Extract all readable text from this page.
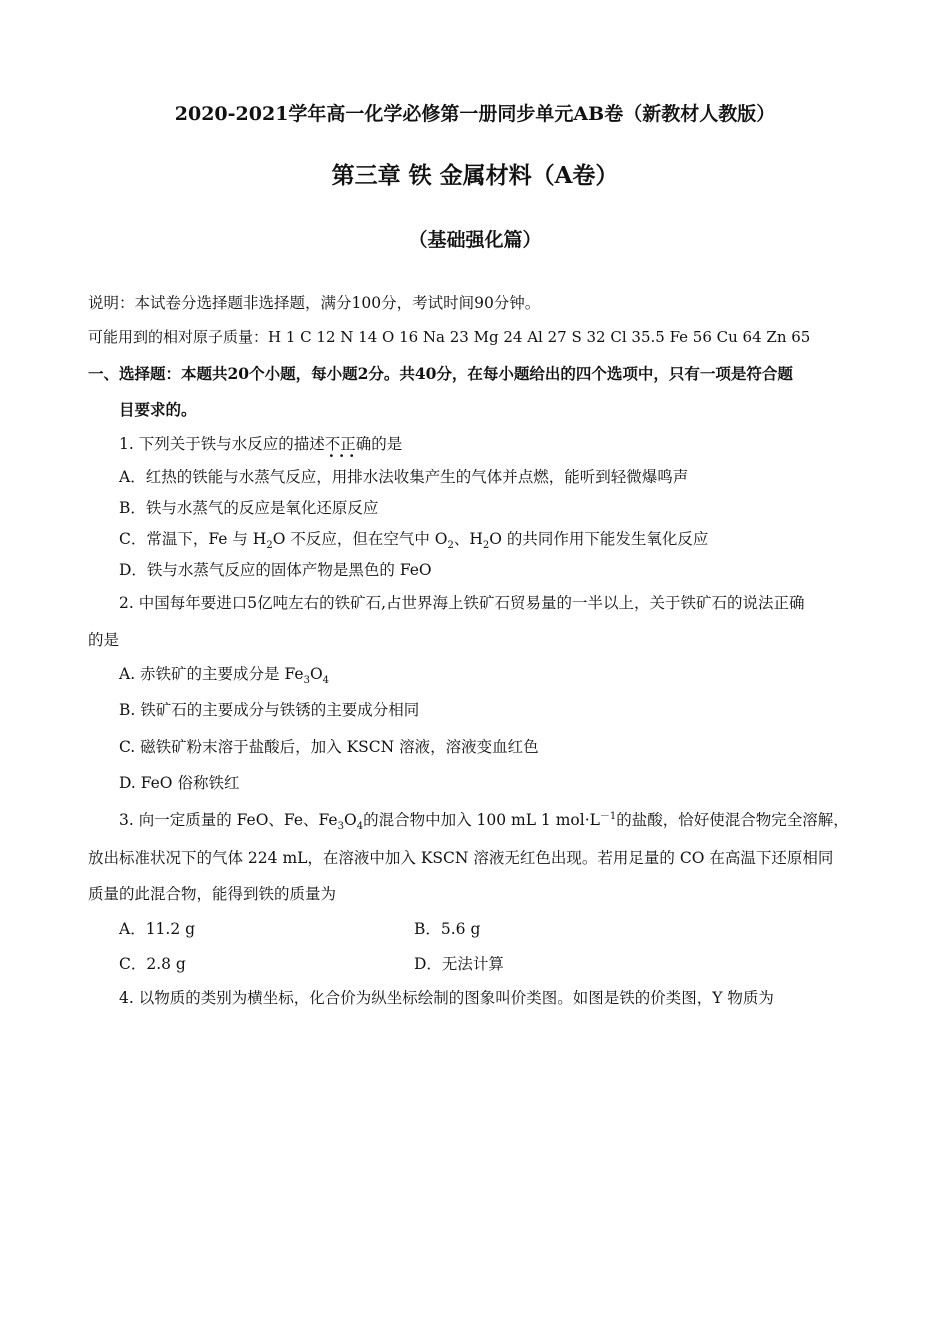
2020-2021学年高一化学必修第一册同步单元AB卷（新教材人教版）
第三章 铁 金属材料（A卷）
（基础强化篇）
说明：本试卷分选择题非选择题，满分100分，考试时间90分钟。
可能用到的相对原子质量：H 1 C 12 N 14 O 16 Na 23 Mg 24 Al 27 S 32 Cl 35.5 Fe 56 Cu 64 Zn 65
一、选择题：本题共20个小题，每小题2分。共40分，在每小题给出的四个选项中，只有一项是符合题
目要求的。
1. 下列关于铁与水反应的描述不正确 ···的是
A．红热的铁能与水蒸气反应，用排水法收集产生的气体并点燃，能听到轻微爆鸣声
B．铁与水蒸气的反应是氧化还原反应
C．常温下，Fe 与 $H_2O$ 不反应，但在空气中 $O_2$、$H_2O$ 的共同作用下能发生氧化反应
D．铁与水蒸气反应的固体产物是黑色的 FeO
2. 中国每年要进口5亿吨左右的铁矿石,占世界海上铁矿石贸易量的一半以上，关于铁矿石的说法正确
的是
A. 赤铁矿的主要成分是 $Fe_3O_4$
B. 铁矿石的主要成分与铁锈的主要成分相同
C. 磁铁矿粉末溶于盐酸后，加入 KSCN 溶液，溶液变血红色
D. FeO 俗称铁红
3. 向一定质量的 FeO、Fe、$Fe_3O_4$的混合物中加入 100 mL 1 $mol\cdot L^{-1}$的盐酸，恰好使混合物完全溶解，
放出标准状况下的气体 224 mL，在溶液中加入 KSCN 溶液无红色出现。若用足量的 CO 在高温下还原相同
质量的此混合物，能得到铁的质量为
A．11.2 g	B．5.6 g
C．2.8 g	D．无法计算
4. 以物质的类别为横坐标，化合价为纵坐标绘制的图象叫价类图。如图是铁的价类图，Y 物质为
